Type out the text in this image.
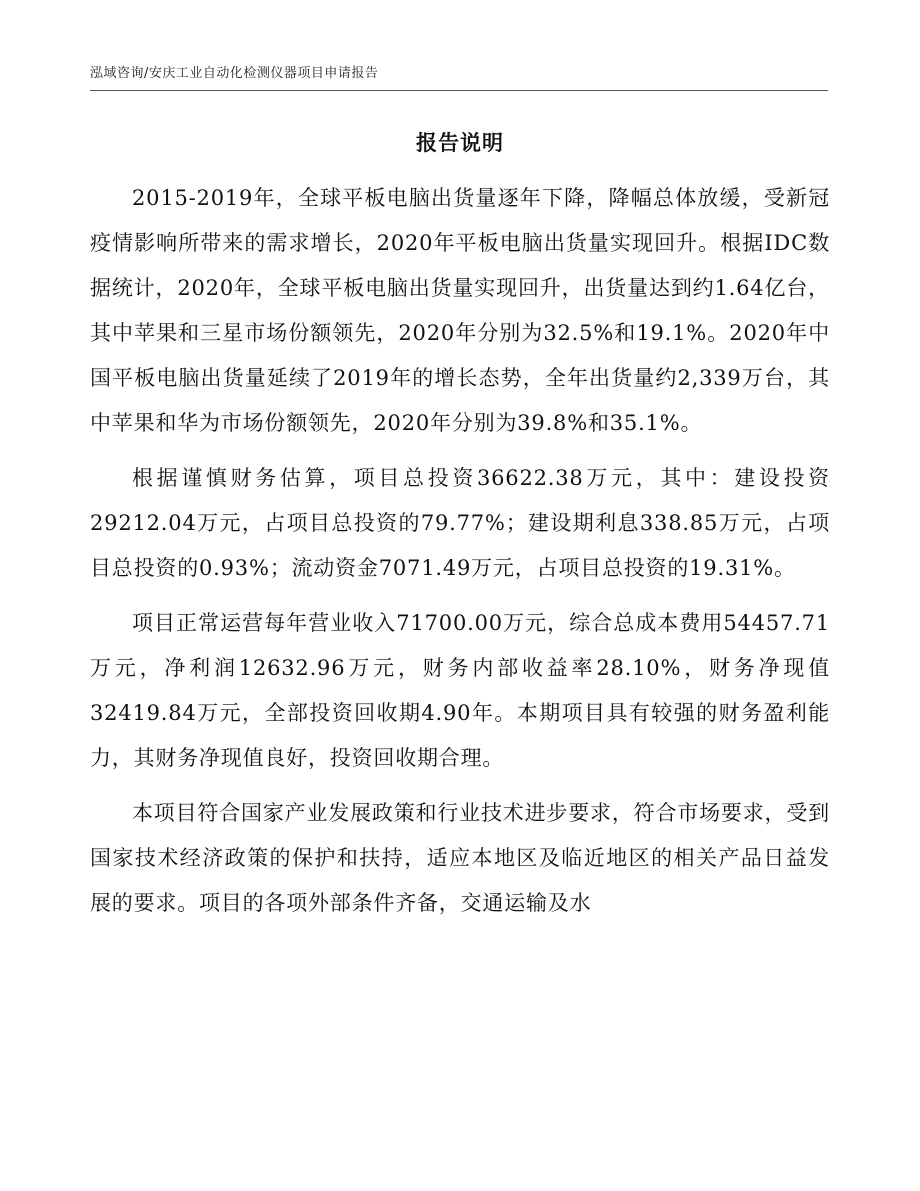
泓域咨询/安庆工业自动化检测仪器项目申请报告
报告说明

2015-2019年，全球平板电脑出货量逐年下降，降幅总体放缓，受新冠疫情影响所带来的需求增长，2020年平板电脑出货量实现回升。根据IDC数据统计，2020年，全球平板电脑出货量实现回升，出货量达到约1.64亿台，其中苹果和三星市场份额领先，2020年分别为32.5%和19.1%。2020年中国平板电脑出货量延续了2019年的增长态势，全年出货量约2,339万台，其中苹果和华为市场份额领先，2020年分别为39.8%和35.1%。

根据谨慎财务估算，项目总投资36622.38万元，其中：建设投资29212.04万元，占项目总投资的79.77%；建设期利息338.85万元，占项目总投资的0.93%；流动资金7071.49万元，占项目总投资的19.31%。

项目正常运营每年营业收入71700.00万元，综合总成本费用54457.71万元，净利润12632.96万元，财务内部收益率28.10%，财务净现值32419.84万元，全部投资回收期4.90年。本期项目具有较强的财务盈利能力，其财务净现值良好，投资回收期合理。

本项目符合国家产业发展政策和行业技术进步要求，符合市场要求，受到国家技术经济政策的保护和扶持，适应本地区及临近地区的相关产品日益发展的要求。项目的各项外部条件齐备，交通运输及水
